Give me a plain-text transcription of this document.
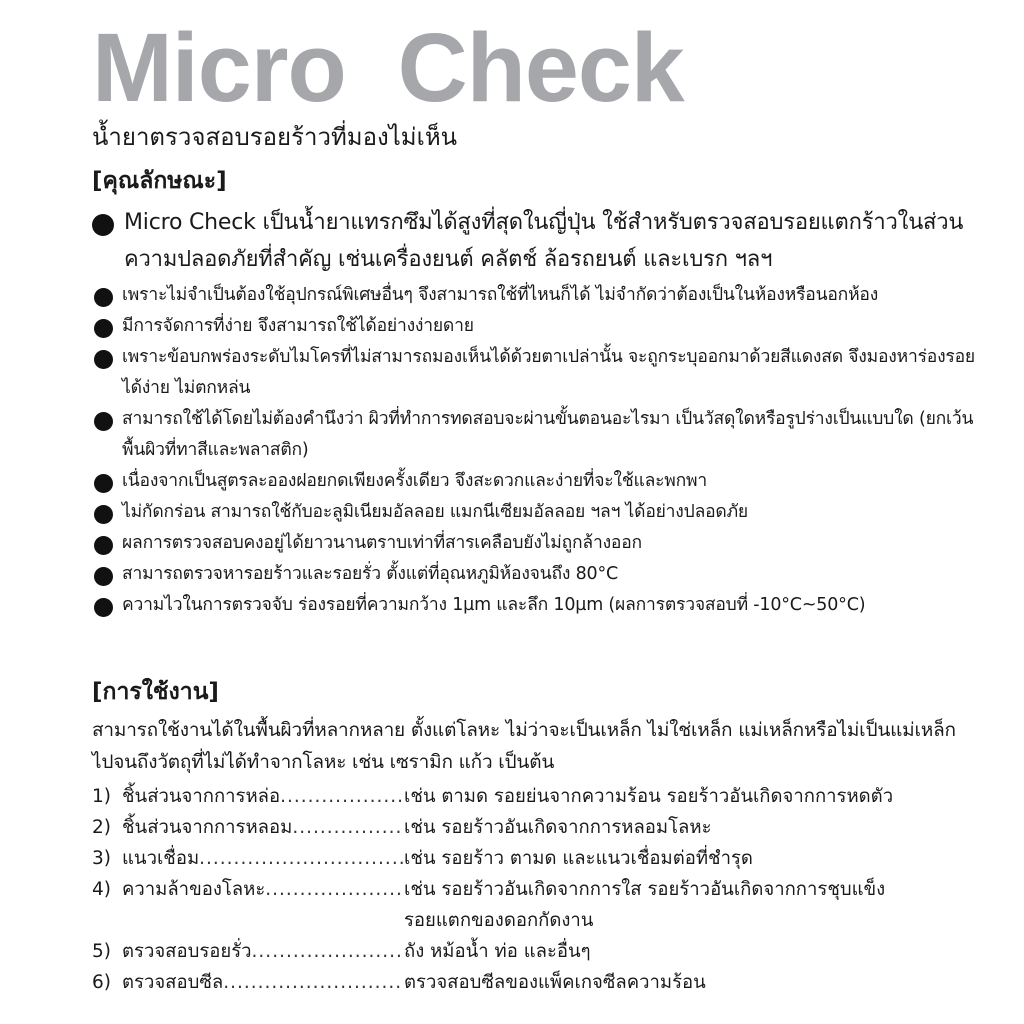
Micro  Check
น้ำยาตรวจสอบรอยร้าวที่มองไม่เห็น
[คุณลักษณะ]
Micro Check เป็นน้ำยาแทรกซึมได้สูงที่สุดในญี่ปุ่น ใช้สำหรับตรวจสอบรอยแตกร้าวในส่วนความปลอดภัยที่สำคัญ เช่นเครื่องยนต์ คลัตช์ ล้อรถยนต์ และเบรก ฯลฯ
เพราะไม่จำเป็นต้องใช้อุปกรณ์พิเศษอื่นๆ จึงสามารถใช้ที่ไหนก็ได้ ไม่จำกัดว่าต้องเป็นในห้องหรือนอกห้อง
มีการจัดการที่ง่าย จึงสามารถใช้ได้อย่างง่ายดาย
เพราะข้อบกพร่องระดับไมโครที่ไม่สามารถมองเห็นได้ด้วยตาเปล่านั้น จะถูกระบุออกมาด้วยสีแดงสด จึงมองหาร่องรอยได้ง่าย ไม่ตกหล่น
สามารถใช้ได้โดยไม่ต้องคำนึงว่า ผิวที่ทำการทดสอบจะผ่านขั้นตอนอะไรมา เป็นวัสดุใดหรือรูปร่างเป็นแบบใด (ยกเว้นพื้นผิวที่ทาสีและพลาสติก)
เนื่องจากเป็นสูตรละอองฝอยกดเพียงครั้งเดียว จึงสะดวกและง่ายที่จะใช้และพกพา
ไม่กัดกร่อน สามารถใช้กับอะลูมิเนียมอัลลอย แมกนีเซียมอัลลอย ฯลฯ ได้อย่างปลอดภัย
ผลการตรวจสอบคงอยู่ได้ยาวนานตราบเท่าที่สารเคลือบยังไม่ถูกล้างออก
สามารถตรวจหารอยร้าวและรอยรั่ว ตั้งแต่ที่อุณหภูมิห้องจนถึง 80°C
ความไวในการตรวจจับ ร่องรอยที่ความกว้าง 1µm และลึก 10µm (ผลการตรวจสอบที่ -10°C~50°C)
[การใช้งาน]
สามารถใช้งานได้ในพื้นผิวที่หลากหลาย ตั้งแต่โลหะ ไม่ว่าจะเป็นเหล็ก ไม่ใช่เหล็ก แม่เหล็กหรือไม่เป็นแม่เหล็ก ไปจนถึงวัตถุที่ไม่ได้ทำจากโลหะ เช่น เซรามิก แก้ว เป็นต้น
1) ชิ้นส่วนจากการหล่อ .....	เช่น ตามด รอยย่นจากความร้อน รอยร้าวอันเกิดจากการหดตัว
2) ชิ้นส่วนจากการหลอม .....	เช่น รอยร้าวอันเกิดจากการหลอมโลหะ
3) แนวเชื่อม .....	เช่น รอยร้าว ตามด และแนวเชื่อมต่อที่ชำรุด
4) ความล้าของโลหะ .....	เช่น รอยร้าวอันเกิดจากการใส รอยร้าวอันเกิดจากการชุบแข็ง
รอยแตกของดอกกัดงาน
5) ตรวจสอบรอยรั่ว .....	ถัง หม้อน้ำ ท่อ และอื่นๆ
6) ตรวจสอบซีล .....	ตรวจสอบซีลของแพ็คเกจซีลความร้อน
